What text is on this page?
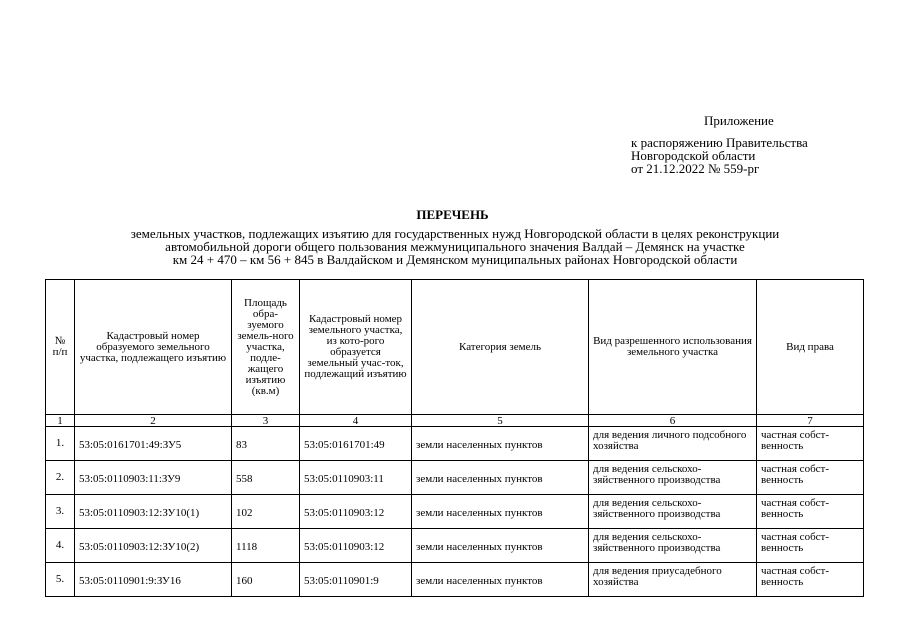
Приложение
к распоряжению Правительства
Новгородской области
от 21.12.2022 № 559-рг
ПЕРЕЧЕНЬ
земельных участков, подлежащих изъятию для государственных нужд Новгородской области в целях реконструкции
автомобильной дороги общего пользования межмуниципального значения Валдай – Демянск на участке
км 24 + 470 – км 56 + 845 в Валдайском и Демянском муниципальных районах Новгородской области
№ п/п	Кадастровый номер образуемого земельного участка, подлежащего изъятию	Площадь обра-зуемого земель-ного участка, подле-жащего изъятию (кв.м)	Кадастровый номер земельного участка, из кото-рого образуется земельный учас-ток, подлежащий изъятию	Категория земель	Вид разрешенного использования земельного участка	Вид права
1	2	3	4	5	6	7
1.	53:05:0161701:49:ЗУ5	83	53:05:0161701:49	земли населенных пунктов	для ведения личного подсобного хозяйства	частная собст-венность
2.	53:05:0110903:11:ЗУ9	558	53:05:0110903:11	земли населенных пунктов	для ведения сельскохо-зяйственного производства	частная собст-венность
3.	53:05:0110903:12:ЗУ10(1)	102	53:05:0110903:12	земли населенных пунктов	для ведения сельскохо-зяйственного производства	частная собст-венность
4.	53:05:0110903:12:ЗУ10(2)	1118	53:05:0110903:12	земли населенных пунктов	для ведения сельскохо-зяйственного производства	частная собст-венность
5.	53:05:0110901:9:ЗУ16	160	53:05:0110901:9	земли населенных пунктов	для ведения приусадебного хозяйства	частная собст-венность
